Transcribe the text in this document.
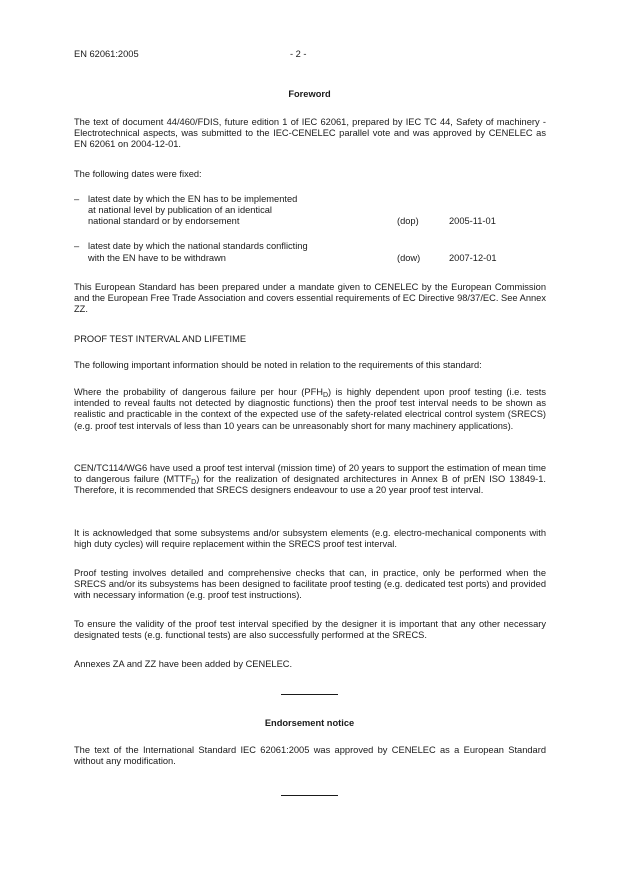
EN 62061:2005	- 2 -
Foreword

The text of document 44/460/FDIS, future edition 1 of IEC 62061, prepared by IEC TC 44, Safety of machinery - Electrotechnical aspects, was submitted to the IEC-CENELEC parallel vote and was approved by CENELEC as EN 62061 on 2004-12-01.

The following dates were fixed:
– latest date by which the EN has to be implemented
at national level by publication of an identical
national standard or by endorsement	(dop)	2005-11-01
– latest date by which the national standards conflicting
with the EN have to be withdrawn	(dow)	2007-12-01

This European Standard has been prepared under a mandate given to CENELEC by the European Commission and the European Free Trade Association and covers essential requirements of EC Directive 98/37/EC. See Annex ZZ.

PROOF TEST INTERVAL AND LIFETIME
The following important information should be noted in relation to the requirements of this standard:

Where the probability of dangerous failure per hour $(PFH_D)$ is highly dependent upon proof testing (i.e. tests intended to reveal faults not detected by diagnostic functions) then the proof test interval needs to be shown as realistic and practicable in the context of the expected use of the safety-related electrical control system (SRECS) (e.g. proof test intervals of less than 10 years can be unreasonably short for many machinery applications).

CEN/TC114/WG6 have used a proof test interval (mission time) of 20 years to support the estimation of mean time to dangerous failure $(MTTF_D)$ for the realization of designated architectures in Annex B of prEN ISO 13849-1. Therefore, it is recommended that SRECS designers endeavour to use a 20 year proof test interval.

It is acknowledged that some subsystems and/or subsystem elements (e.g. electro-mechanical components with high duty cycles) will require replacement within the SRECS proof test interval.

Proof testing involves detailed and comprehensive checks that can, in practice, only be performed when the SRECS and/or its subsystems has been designed to facilitate proof testing (e.g. dedicated test ports) and provided with necessary information (e.g. proof test instructions).

To ensure the validity of the proof test interval specified by the designer it is important that any other necessary designated tests (e.g. functional tests) are also successfully performed at the SRECS.

Annexes ZA and ZZ have been added by CENELEC.
Endorsement notice

The text of the International Standard IEC 62061:2005 was approved by CENELEC as a European Standard without any modification.
